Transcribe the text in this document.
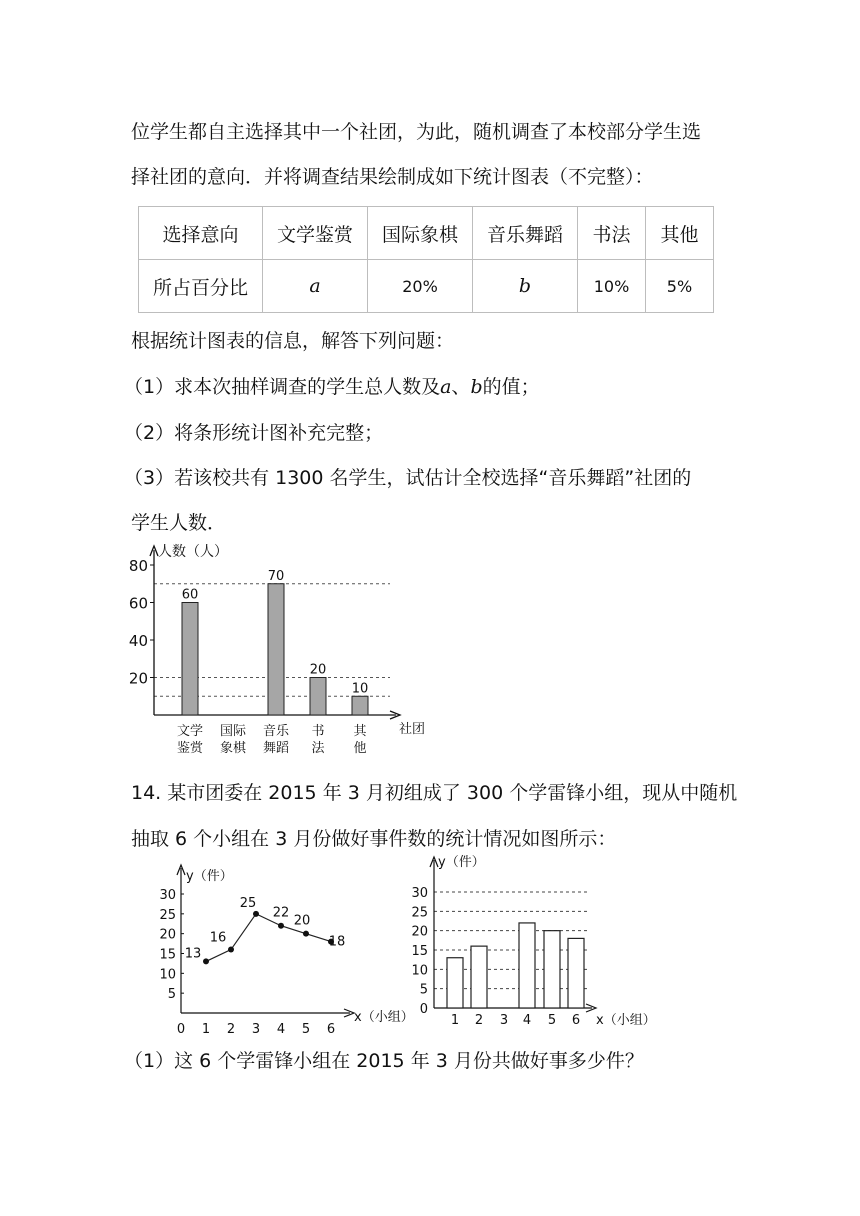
位学生都自主选择其中一个社团，为此，随机调查了本校部分学生选
择社团的意向．并将调查结果绘制成如下统计图表（不完整）：
选择意向	文学鉴赏	国际象棋	音乐舞蹈	书法	其他
所占百分比	a	20%	b	10%	5%
根据统计图表的信息，解答下列问题：
（1）求本次抽样调查的学生总人数及a、b的值；
（2）将条形统计图补充完整；
（3）若该校共有 1300 名学生，试估计全校选择“音乐舞蹈”社团的
学生人数．
人数（人）
社团
20
40
60
80
60
文学
鉴赏
国际
象棋
70
音乐
舞蹈
20
书
法
10
其
他
14. 某市团委在 2015 年 3 月初组成了 300 个学雷锋小组，现从中随机
抽取 6 个小组在 3 月份做好事件数的统计情况如图所示：
y（件）
x（小组）
5
10
15
20
25
30
0 1 2 3 4 5 6
13
16
25
22
20
18
y（件）
x（小组）
0
5
10
15
20
25
30
1 2 3 4 5 6
（1）这 6 个学雷锋小组在 2015 年 3 月份共做好事多少件？
